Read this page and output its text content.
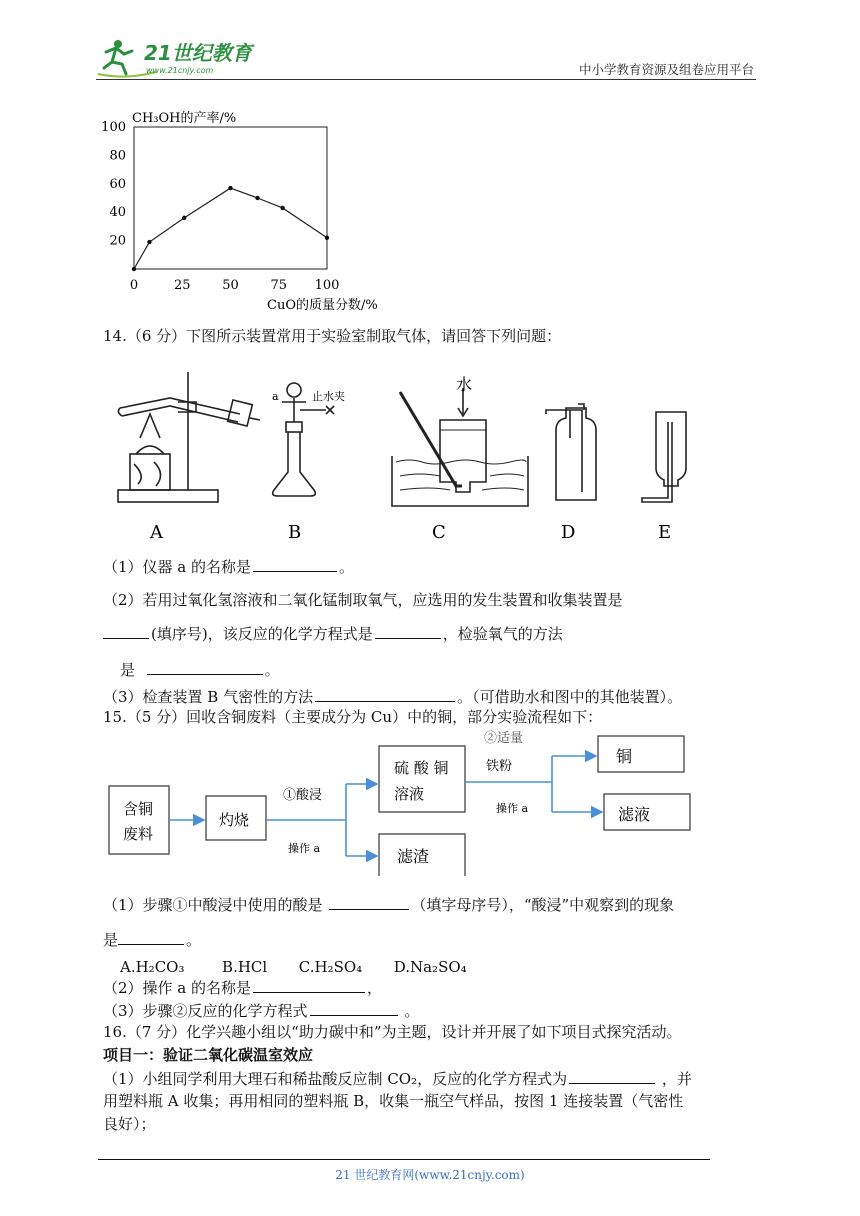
21世纪教育
www.21cnjy.com	中小学教育资源及组卷应用平台
CH₃OH的产率/%
CuO的质量分数/%
0	25 50 75 100
20
40
60
80
100
14.（6 分）下图所示装置常用于实验室制取气体，请回答下列问题：
a	止水夹
水
A	B	C	D	E
（1）仪器 a 的名称是	。
（2）若用过氧化氢溶液和二氧化锰制取氧气，应选用的发生装置和收集装置是
(填序号)，该反应的化学方程式是	，检验氧气的方法
是	。
（3）检查装置 B 气密性的方法	。（可借助水和图中的其他装置）。
15.（5 分）回收含铜废料（主要成分为 Cu）中的铜，部分实验流程如下：
含铜
废料
灼烧
①酸浸
操作 a
硫 酸 铜
溶液
滤渣
②适量
铁粉
操作 a
铜
滤液
（1）步骤①中酸浸中使用的酸是	（填字母序号），“酸浸”中观察到的现象
是	。
A.H₂CO₃	B.HCl C.H₂SO₄ D.Na₂SO₄
（2）操作 a 的名称是	，
（3）步骤②反应的化学方程式	。
16.（7 分）化学兴趣小组以“助力碳中和”为主题，设计并开展了如下项目式探究活动。
项目一：验证二氧化碳温室效应
（1）小组同学利用大理石和稀盐酸反应制 CO₂，反应的化学方程式为	，并
用塑料瓶 A 收集；再用相同的塑料瓶 B，收集一瓶空气样品，按图 1 连接装置（气密性
良好）；
21 世纪教育网(www.21cnjy.com)
